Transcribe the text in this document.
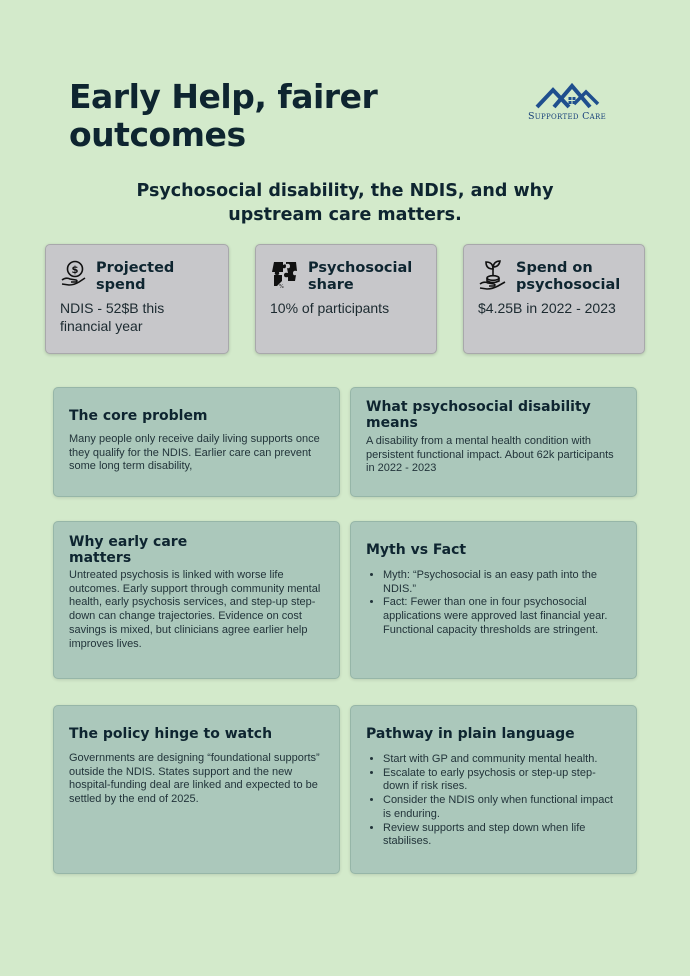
Early Help, fairer outcomes	Supported Care
Psychosocial disability, the NDIS, and why upstream care matters.
$ Projected spend
NDIS - 52$B this financial year
%
Psychosocial share
10% of participants
Spend on psychosocial
$4.25B in 2022 - 2023
The core problem

Many people only receive daily living supports once they qualify for the NDIS. Earlier care can prevent some long term disability,

What psychosocial disability means

A disability from a mental health condition with persistent functional impact. About 62k participants in 2022 - 2023

Why early care matters

Untreated psychosis is linked with worse life outcomes. Early support through community mental health, early psychosis services, and step-up step-down can change trajectories. Evidence on cost savings is mixed, but clinicians agree earlier help improves lives.

Myth vs Fact
• Myth: “Psychosocial is an easy path into the NDIS.”
• Fact: Fewer than one in four psychosocial applications were approved last financial year. Functional capacity thresholds are stringent.
The policy hinge to watch

Governments are designing “foundational supports” outside the NDIS. States support and the new hospital-funding deal are linked and expected to be settled by the end of 2025.

Pathway in plain language
• Start with GP and community mental health.
• Escalate to early psychosis or step-up step-down if risk rises.
• Consider the NDIS only when functional impact is enduring.
• Review supports and step down when life stabilises.
